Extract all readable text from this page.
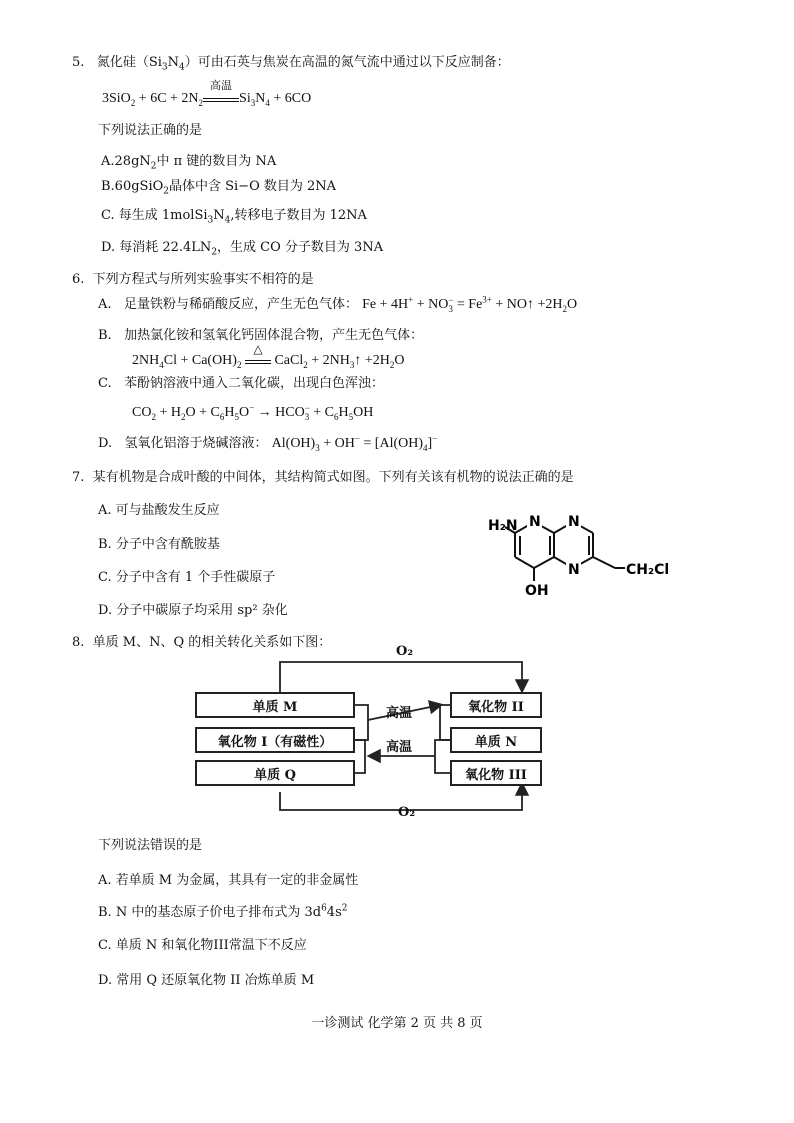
5. 氮化硅$(Si_3N_4)$可由石英与焦炭在高温的氮气流中通过以下反应制备：
$3SiO_2 + 6C + 2N_2$
高温
$Si_3N_4 + 6CO$
下列说法正确的是
$A.28gN_2$中 π 键的数目为 NA
B.60gSiO$_2$晶体中含 Si−O 数目为 2NA
C. 每生成 $1molSi_3N_4$,转移电子数目为 12NA
D. 每消耗 $22.4LN_2$，生成 CO 分子数目为 3NA
6. 下列方程式与所列实验事实不相符的是
A. 足量铁粉与稀硝酸反应，产生无色气体： Fe + 4H+ + NO −
$3 = Fe^{3+}$ + NO↑ $+2H_2O$
B. 加热氯化铵和氢氧化钙固体混合物，产生无色气体：
$2NH_4Cl + Ca(OH)_2$
△
CaCl$_2$ + $2NH_3↑ +2H_2O$
C. 苯酚钠溶液中通入二氧化碳，出现白色浑浊：
$CO_2 + H_2O + C_6H_5O^-$ → HCO −
$3 + C_6H_5OH$
D. 氢氧化铝溶于烧碱溶液： $Al(OH)_3 + OH^- = [Al(OH)_4]^-$
7. 某有机物是合成叶酸的中间体，其结构简式如图。下列有关该有机物的说法正确的是
A. 可与盐酸发生反应
B. 分子中含有酰胺基
C. 分子中含有 1 个手性碳原子
D. 分子中碳原子均采用 sp² 杂化
H₂N N N
N	CH₂Cl
OH
8. 单质 M、N、Q 的相关转化关系如下图：
单质 M
氧化物 I（有磁性）
单质 Q
氧化物 II
单质 N
氧化物 III
O₂
O₂
高温
高温
下列说法错误的是
A. 若单质 M 为金属，其具有一定的非金属性
B. N 中的基态原子价电子排布式为 $3d^64s^2$
C. 单质 N 和氧化物III常温下不反应
D. 常用 Q 还原氧化物 II 冶炼单质 M
一诊测试 化学第 2 页 共 8 页
